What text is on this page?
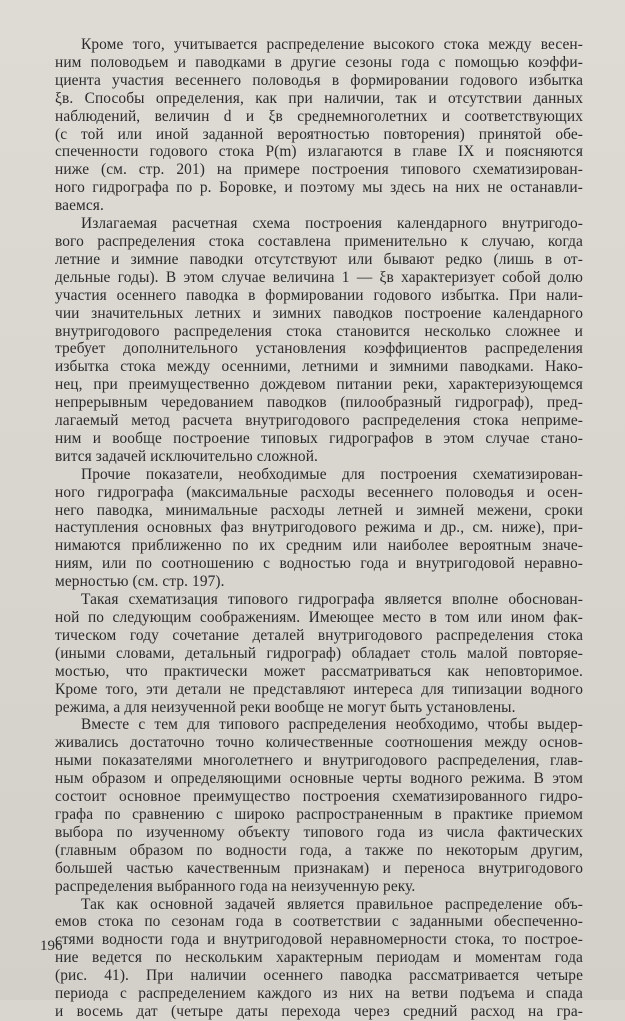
Кроме того, учитывается распределение высокого стока между весен-
ним половодьем и паводками в другие сезоны года с помощью коэффи-
циента участия весеннего половодья в формировании годового избытка
ξв. Способы определения, как при наличии, так и отсутствии данных
наблюдений, величин d и ξв среднемноголетних и соответствующих
(с той или иной заданной вероятностью повторения) принятой обе-
спеченности годового стока P(m) излагаются в главе IX и поясняются
ниже (см. стр. 201) на примере построения типового схематизирован-
ного гидрографа по р. Боровке, и поэтому мы здесь на них не останавли-
ваемся.

Излагаемая расчетная схема построения календарного внутригодо-
вого распределения стока составлена применительно к случаю, когда
летние и зимние паводки отсутствуют или бывают редко (лишь в от-
дельные годы). В этом случае величина 1 — ξв характеризует собой долю
участия осеннего паводка в формировании годового избытка. При нали-
чии значительных летних и зимних паводков построение календарного
внутригодового распределения стока становится несколько сложнее и
требует дополнительного установления коэффициентов распределения
избытка стока между осенними, летними и зимними паводками. Нако-
нец, при преимущественно дождевом питании реки, характеризующемся
непрерывным чередованием паводков (пилообразный гидрограф), пред-
лагаемый метод расчета внутригодового распределения стока неприме-
ним и вообще построение типовых гидрографов в этом случае стано-
вится задачей исключительно сложной.

Прочие показатели, необходимые для построения схематизирован-
ного гидрографа (максимальные расходы весеннего половодья и осен-
него паводка, минимальные расходы летней и зимней межени, сроки
наступления основных фаз внутригодового режима и др., см. ниже), при-
нимаются приближенно по их средним или наиболее вероятным значе-
ниям, или по соотношению с водностью года и внутригодовой неравно-
мерностью (см. стр. 197).

Такая схематизация типового гидрографа является вполне обоснован-
ной по следующим соображениям. Имеющее место в том или ином фак-
тическом году сочетание деталей внутригодового распределения стока
(иными словами, детальный гидрограф) обладает столь малой повторяе-
мостью, что практически может рассматриваться как неповторимое.
Кроме того, эти детали не представляют интереса для типизации водного
режима, а для неизученной реки вообще не могут быть установлены.

Вместе с тем для типового распределения необходимо, чтобы выдер-
живались достаточно точно количественные соотношения между основ-
ными показателями многолетнего и внутригодового распределения, глав-
ным образом и определяющими основные черты водного режима. В этом
состоит основное преимущество построения схематизированного гидро-
графа по сравнению с широко распространенным в практике приемом
выбора по изученному объекту типового года из числа фактических
(главным образом по водности года, а также по некоторым другим,
большей частью качественным признакам) и переноса внутригодового
распределения выбранного года на неизученную реку.

Так как основной задачей является правильное распределение объ-
емов стока по сезонам года в соответствии с заданными обеспеченно-
стями водности года и внутригодовой неравномерности стока, то построе-
ние ведется по нескольким характерным периодам и моментам года
(рис. 41). При наличии осеннего паводка рассматривается четыре
периода с распределением каждого из них на ветви подъема и спада
и восемь дат (четыре даты перехода через средний расход на гра-

196
